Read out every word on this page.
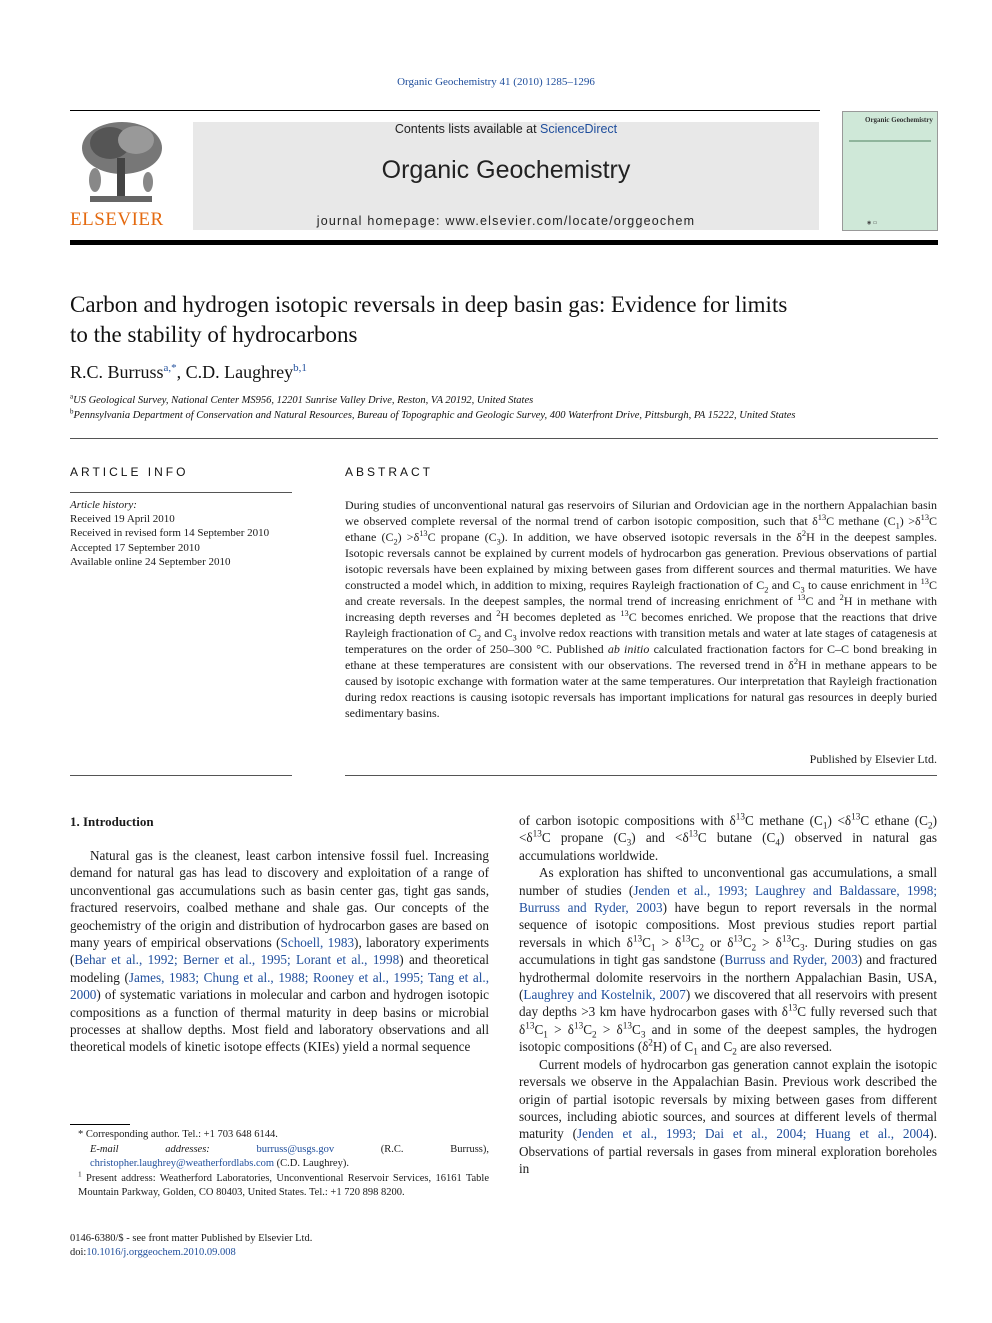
Organic Geochemistry 41 (2010) 1285–1296
ELSEVIER
Contents lists available at ScienceDirect
Organic Geochemistry
journal homepage: www.elsevier.com/locate/orggeochem
Organic Geochemistry
◉ ▭
Carbon and hydrogen isotopic reversals in deep basin gas: Evidence for limits
to the stability of hydrocarbons
R.C. Burruss$^{a,*}$, C.D. Laughrey$^{b,1}$
$^a$US Geological Survey, National Center MS956, 12201 Sunrise Valley Drive, Reston, VA 20192, United States
$^b$Pennsylvania Department of Conservation and Natural Resources, Bureau of Topographic and Geologic Survey, 400 Waterfront Drive, Pittsburgh, PA 15222, United States
ARTICLE INFO
Article history:
Received 19 April 2010
Received in revised form 14 September 2010
Accepted 17 September 2010
Available online 24 September 2010
ABSTRACT
During studies of unconventional natural gas reservoirs of Silurian and Ordovician age in the northern Appalachian basin we observed complete reversal of the normal trend of carbon isotopic composition, such that $\delta^{13}C$ methane $(C_1) >\delta^{13}C$ ethane $(C_2) >\delta^{13}C$ propane $(C_3)$. In addition, we have observed isotopic reversals in the $\delta^2H$ in the deepest samples. Isotopic reversals cannot be explained by current models of hydrocarbon gas generation. Previous observations of partial isotopic reversals have been explained by mixing between gases from different sources and thermal maturities. We have constructed a model which, in addition to mixing, requires Rayleigh fractionation of $C_2$ and $C_3$ to cause enrichment in $^{13}$C and create reversals. In the deepest samples, the normal trend of increasing enrichment of $^{13}$C and $^2$H in methane with increasing depth reverses and $^2$H becomes depleted as $^{13}$C becomes enriched. We propose that the reactions that drive Rayleigh fractionation of $C_2$ and $C_3$ involve redox reactions with transition metals and water at late stages of catagenesis at temperatures on the order of 250–300 °C. Published ab initio calculated fractionation factors for C–C bond breaking in ethane at these temperatures are consistent with our observations. The reversed trend in $\delta^2H$ in methane appears to be caused by isotopic exchange with formation water at the same temperatures. Our interpretation that Rayleigh fractionation during redox reactions is causing isotopic reversals has important implications for natural gas resources in deeply buried sedimentary basins.
Published by Elsevier Ltd.
1. Introduction

Natural gas is the cleanest, least carbon intensive fossil fuel. Increasing demand for natural gas has lead to discovery and exploitation of a range of unconventional gas accumulations such as basin center gas, tight gas sands, fractured reservoirs, coalbed methane and shale gas. Our concepts of the geochemistry of the origin and distribution of hydrocarbon gases are based on many years of empirical observations (Schoell, 1983), laboratory experiments (Behar et al., 1992; Berner et al., 1995; Lorant et al., 1998) and theoretical modeling (James, 1983; Chung et al., 1988; Rooney et al., 1995; Tang et al., 2000) of systematic variations in molecular and carbon and hydrogen isotopic compositions as a function of thermal maturity in deep basins or microbial processes at shallow depths. Most field and laboratory observations and all theoretical models of kinetic isotope effects (KIEs) yield a normal sequence

of carbon isotopic compositions with $\delta^{13}C$ methane $(C_1) <\delta^{13}C$ ethane $(C_2) <\delta^{13}C$ propane $(C_3)$ and $<\delta^{13}C$ butane $(C_4)$ observed in natural gas accumulations worldwide.

As exploration has shifted to unconventional gas accumulations, a small number of studies (Jenden et al., 1993; Laughrey and Baldassare, 1998; Burruss and Ryder, 2003) have begun to report reversals in the normal sequence of isotopic compositions. Most previous studies report partial reversals in which $\delta^{13}C_1 > \delta^{13}C_2$ or $\delta^{13}C_2 > \delta^{13}C_3$. During studies on gas accumulations in tight gas sandstone (Burruss and Ryder, 2003) and fractured hydrothermal dolomite reservoirs in the northern Appalachian Basin, USA, (Laughrey and Kostelnik, 2007) we discovered that all reservoirs with present day depths >3 km have hydrocarbon gases with $\delta^{13}C$ fully reversed such that $\delta^{13}C_1 > \delta^{13}C_2 > \delta^{13}C_3$ and in some of the deepest samples, the hydrogen isotopic compositions $(\delta^2H)$ of $C_1$ and $C_2$ are also reversed.

Current models of hydrocarbon gas generation cannot explain the isotopic reversals we observe in the Appalachian Basin. Previous work described the origin of partial isotopic reversals by mixing between gases from different sources, including abiotic sources, and sources at different levels of thermal maturity (Jenden et al., 1993; Dai et al., 2004; Huang et al., 2004). Observations of partial reversals in gases from mineral exploration boreholes in

* Corresponding author. Tel.: +1 703 648 6144.
E-mail addresses:	burruss@usgs.gov	(R.C. Burruss), christopher.laughrey@weatherfordlabs.com (C.D. Laughrey).
$^1$ Present address: Weatherford Laboratories, Unconventional Reservoir Services, 16161 Table Mountain Parkway, Golden, CO 80403, United States. Tel.: +1 720 898 8200.
0146-6380/$ - see front matter Published by Elsevier Ltd.
doi:10.1016/j.orggeochem.2010.09.008
